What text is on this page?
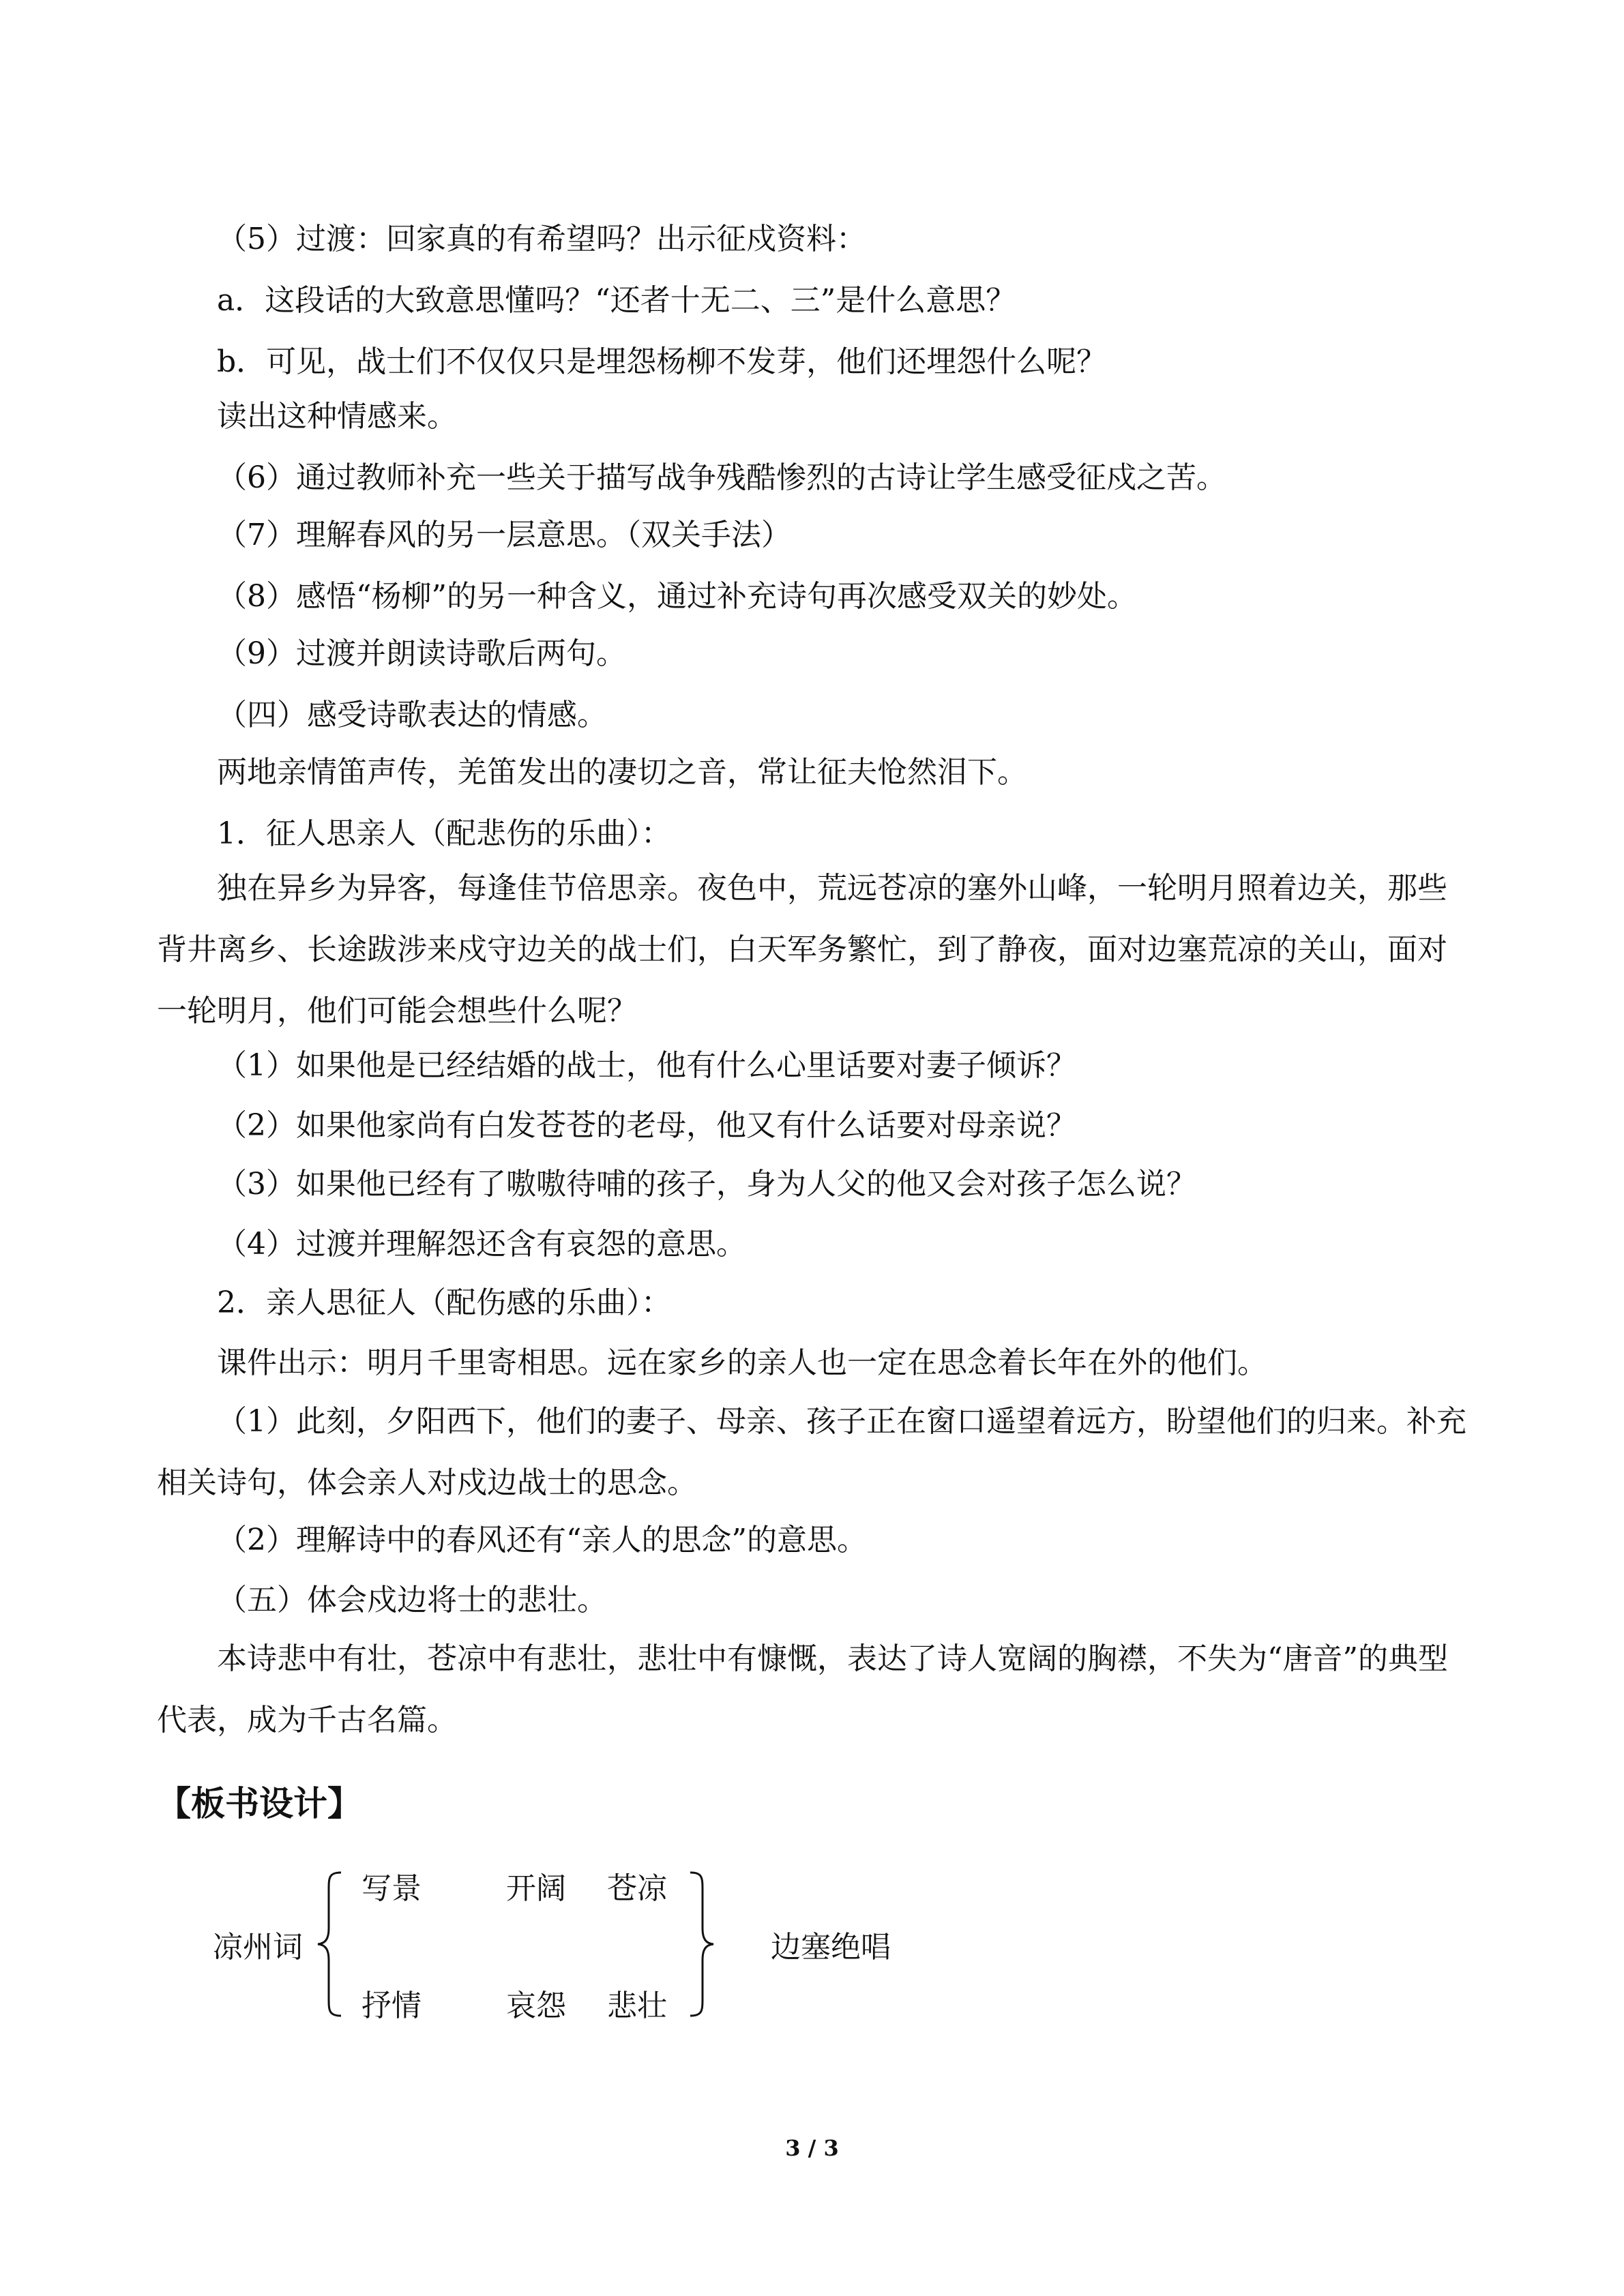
（5）过渡：回家真的有希望吗？出示征戍资料：

a．这段话的大致意思懂吗？“还者十无二、三”是什么意思？

b．可见，战士们不仅仅只是埋怨杨柳不发芽，他们还埋怨什么呢？

读出这种情感来。

（6）通过教师补充一些关于描写战争残酷惨烈的古诗让学生感受征戍之苦。

（7）理解春风的另一层意思。（双关手法）

（8）感悟“杨柳”的另一种含义，通过补充诗句再次感受双关的妙处。

（9）过渡并朗读诗歌后两句。

（四）感受诗歌表达的情感。

两地亲情笛声传，羌笛发出的凄切之音，常让征夫怆然泪下。

1．征人思亲人（配悲伤的乐曲）：

独在异乡为异客，每逢佳节倍思亲。夜色中，荒远苍凉的塞外山峰，一轮明月照着边关，那些背井离乡、长途跋涉来戍守边关的战士们，白天军务繁忙，到了静夜，面对边塞荒凉的关山，面对一轮明月，他们可能会想些什么呢？

（1）如果他是已经结婚的战士，他有什么心里话要对妻子倾诉？

（2）如果他家尚有白发苍苍的老母，他又有什么话要对母亲说？

（3）如果他已经有了嗷嗷待哺的孩子，身为人父的他又会对孩子怎么说？

（4）过渡并理解怨还含有哀怨的意思。

2．亲人思征人（配伤感的乐曲）：

课件出示：明月千里寄相思。远在家乡的亲人也一定在思念着长年在外的他们。

（1）此刻，夕阳西下，他们的妻子、母亲、孩子正在窗口遥望着远方，盼望他们的归来。补充相关诗句，体会亲人对戍边战士的思念。

（2）理解诗中的春风还有“亲人的思念”的意思。

（五）体会戍边将士的悲壮。

本诗悲中有壮，苍凉中有悲壮，悲壮中有慷慨，表达了诗人宽阔的胸襟，不失为“唐音”的典型代表，成为千古名篇。

【板书设计】
凉州词
写景	开阔 苍凉
抒情	哀怨 悲壮
边塞绝唱
3 / 3
